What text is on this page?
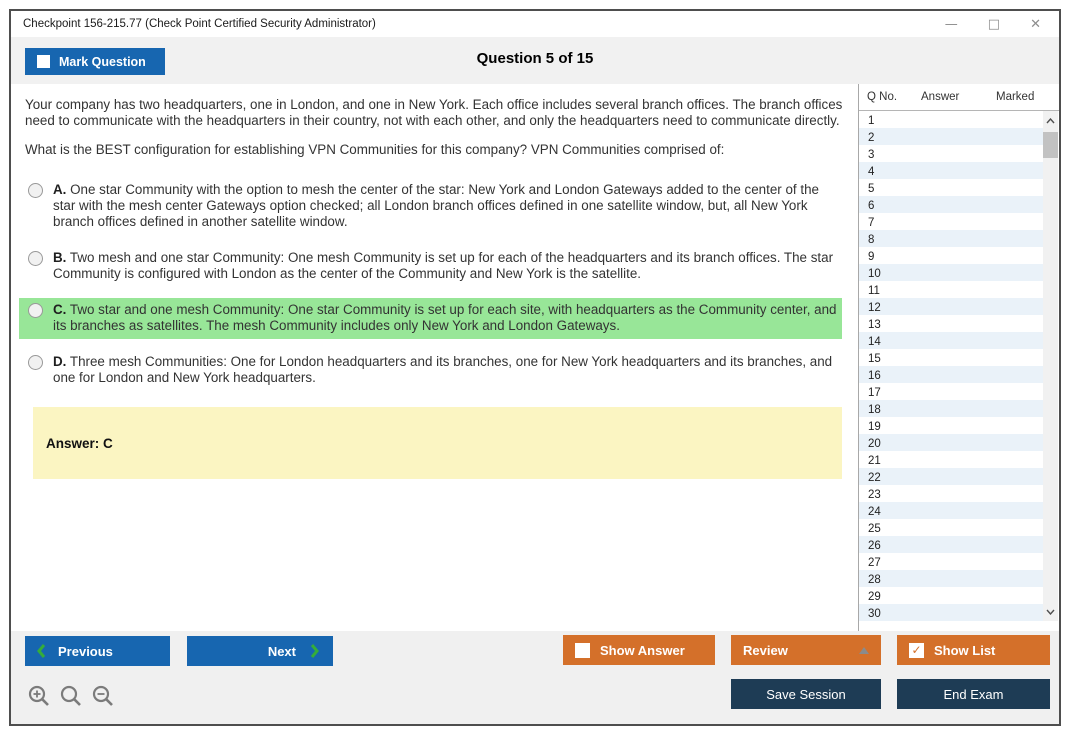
Checkpoint 156-215.77 (Check Point Certified Security Administrator)	— □ ✕
Mark Question	Question 5 of 15

Your company has two headquarters, one in London, and one in New York. Each office includes several branch offices. The branch offices need to communicate with the headquarters in their country, not with each other, and only the headquarters need to communicate directly.

What is the BEST configuration for establishing VPN Communities for this company? VPN Communities comprised of:

A. One star Community with the option to mesh the center of the star: New York and London Gateways added to the center of the star with the mesh center Gateways option checked; all London branch offices defined in one satellite window, but, all New York branch offices defined in another satellite window.
B. Two mesh and one star Community: One mesh Community is set up for each of the headquarters and its branch offices. The star Community is configured with London as the center of the Community and New York is the satellite.
C. Two star and one mesh Community: One star Community is set up for each site, with headquarters as the Community center, and its branches as satellites. The mesh Community includes only New York and London Gateways.
D. Three mesh Communities: One for London headquarters and its branches, one for New York headquarters and its branches, and one for London and New York headquarters.
Answer: C
Q No. Answer	Marked
1
2
3
4
5
6
7
8
9
10
11
12
13
14
15
16
17
18
19
20
21
22
23
24
25
26
27
28
29
30
Previous	Next	Show Answer	Review	✓ Show List
Save Session	End Exam
